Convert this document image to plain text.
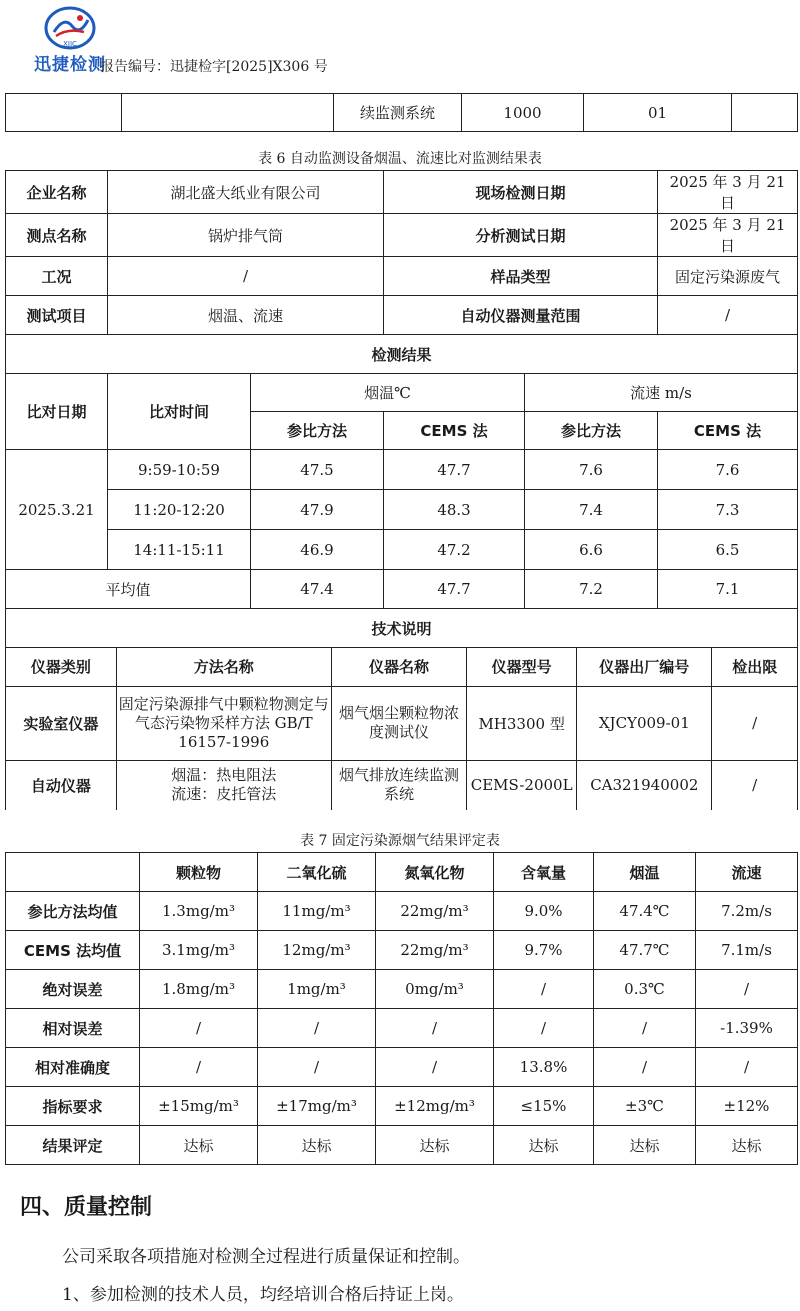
XJJC
迅捷检测
报告编号：迅捷检字[2025]X306 号
		续监测系统	1000	01	
表 6 自动监测设备烟温、流速比对监测结果表
企业名称	湖北盛大纸业有限公司	现场检测日期	2025 年 3 月 21 日
测点名称	锅炉排气筒	分析测试日期	2025 年 3 月 21 日
工况	/	样品类型	固定污染源废气
测试项目	烟温、流速	自动仪器测量范围	/
检测结果
比对日期	比对时间	烟温℃	流速 m/s
参比方法	CEMS 法	参比方法	CEMS 法
2025.3.21	9:59-10:59	47.5	47.7	7.6	7.6
11:20-12:20	47.9	48.3	7.4	7.3
14:11-15:11	46.9	47.2	6.6	6.5
平均值	47.4	47.7	7.2	7.1
技术说明

仪器类别	方法名称	仪器名称	仪器型号	仪器出厂编号	检出限
实验室仪器	固定污染源排气中颗粒物测定与气态污染物采样方法 GB/T 16157-1996	烟气烟尘颗粒物浓度测试仪	MH3300 型	XJCY009-01	/
自动仪器	烟温：热电阻法
流速：皮托管法	烟气排放连续监测系统	CEMS-2000L	CA321940002	/
表 7 固定污染源烟气结果评定表
	颗粒物	二氧化硫	氮氧化物	含氧量	烟温	流速
参比方法均值	1.3mg/m³	11mg/m³	22mg/m³	9.0%	47.4℃	7.2m/s
CEMS 法均值	3.1mg/m³	12mg/m³	22mg/m³	9.7%	47.7℃	7.1m/s
绝对误差	1.8mg/m³	1mg/m³	0mg/m³	/	0.3℃	/
相对误差	/	/	/	/	/	-1.39%
相对准确度	/	/	/	13.8%	/	/
指标要求	±15mg/m³	±17mg/m³	±12mg/m³	≤15%	±3℃	±12%
结果评定	达标	达标	达标	达标	达标	达标
四、质量控制
公司采取各项措施对检测全过程进行质量保证和控制。
1、参加检测的技术人员，均经培训合格后持证上岗。
